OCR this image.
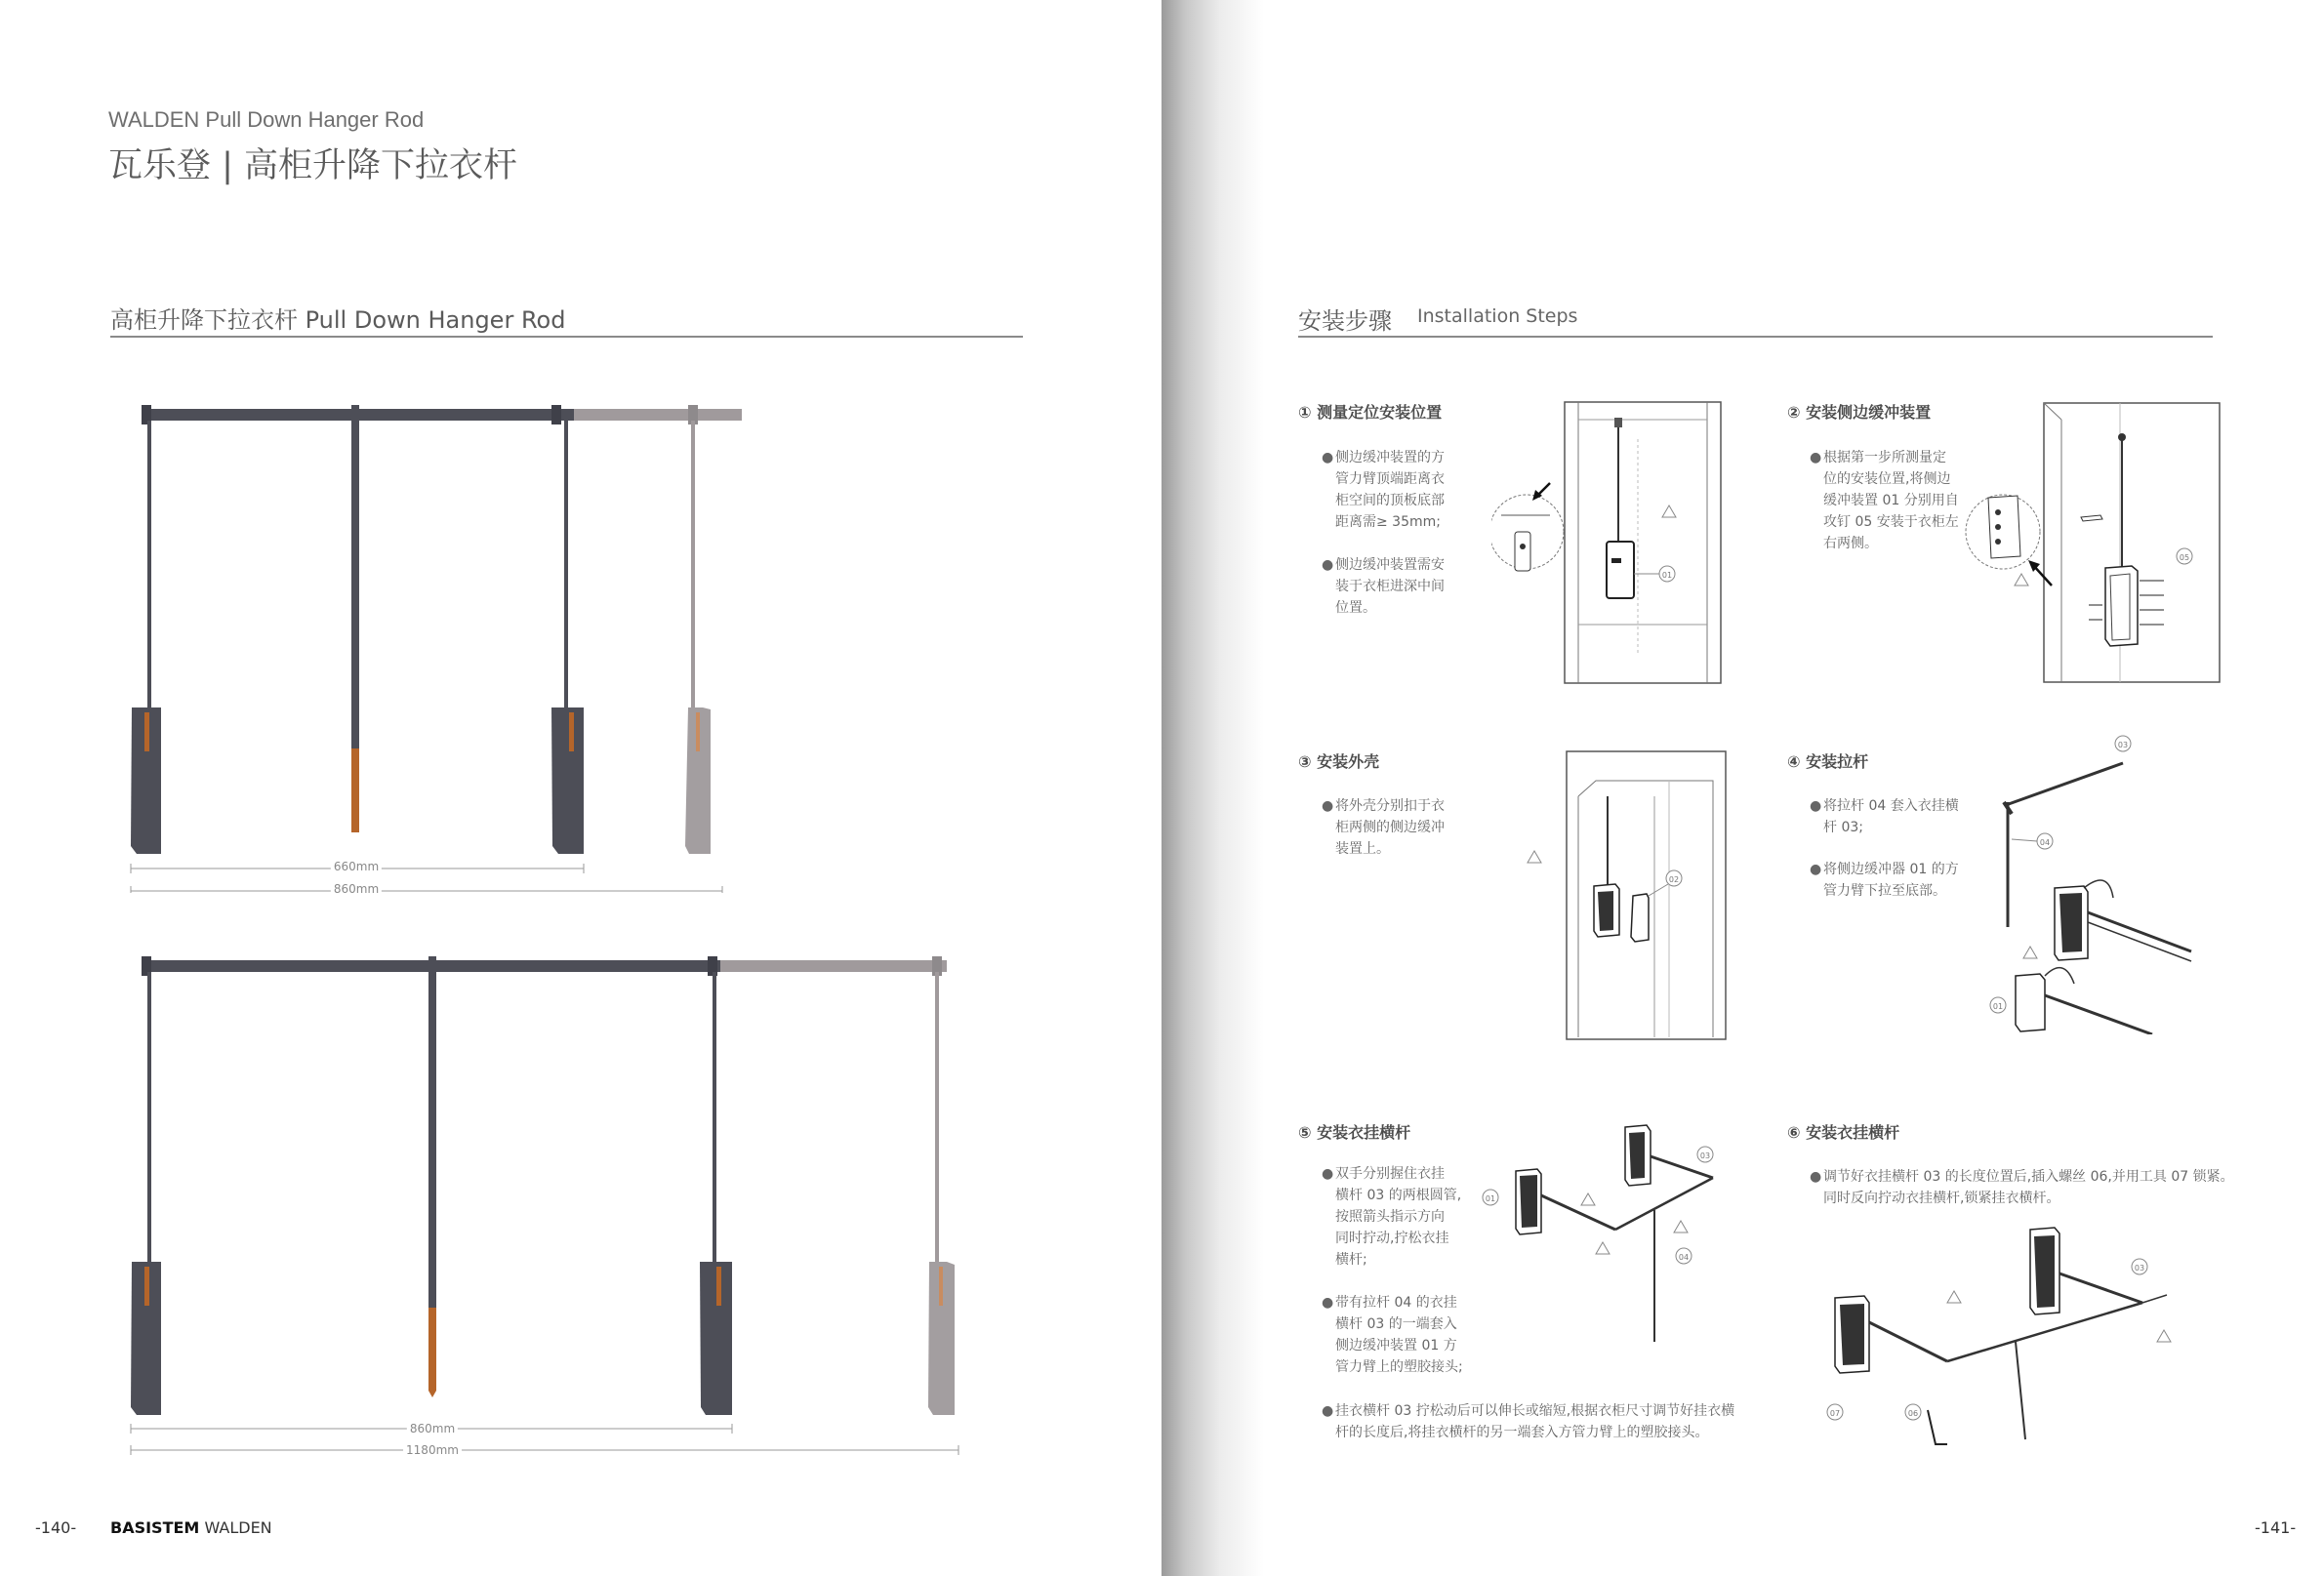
WALDEN Pull Down Hanger Rod
瓦乐登 | 高柜升降下拉衣杆
高柜升降下拉衣杆 Pull Down Hanger Rod
660mm
860mm
860mm
1180mm
-140- BASISTEM WALDEN
安装步骤 Installation Steps
① 测量定位安装位置
● 侧边缓冲装置的方
管力臂顶端距离衣
柜空间的顶板底部
距离需≥ 35mm;
● 侧边缓冲装置需安
装于衣柜进深中间
位置。
01
② 安装侧边缓冲装置
● 根据第一步所测量定
位的安装位置,将侧边
缓冲装置 01 分别用自
攻钉 05 安装于衣柜左
右两侧。
05
③ 安装外壳
● 将外壳分别扣于衣
柜两侧的侧边缓冲
装置上。
02
④ 安装拉杆
● 将拉杆 04 套入衣挂横
杆 03;
● 将侧边缓冲器 01 的方
管力臂下拉至底部。
03
04
01
⑤ 安装衣挂横杆
● 双手分别握住衣挂
横杆 03 的两根圆管,
按照箭头指示方向
同时拧动,拧松衣挂
横杆;
● 带有拉杆 04 的衣挂
横杆 03 的一端套入
侧边缓冲装置 01 方
管力臂上的塑胶接头;
● 挂衣横杆 03 拧松动后可以伸长或缩短,根据衣柜尺寸调节好挂衣横
杆的长度后,将挂衣横杆的另一端套入方管力臂上的塑胶接头。
01
03
04
⑥ 安装衣挂横杆
● 调节好衣挂横杆 03 的长度位置后,插入螺丝 06,并用工具 07 锁紧。
同时反向拧动衣挂横杆,锁紧挂衣横杆。
03
06
07
-141-
